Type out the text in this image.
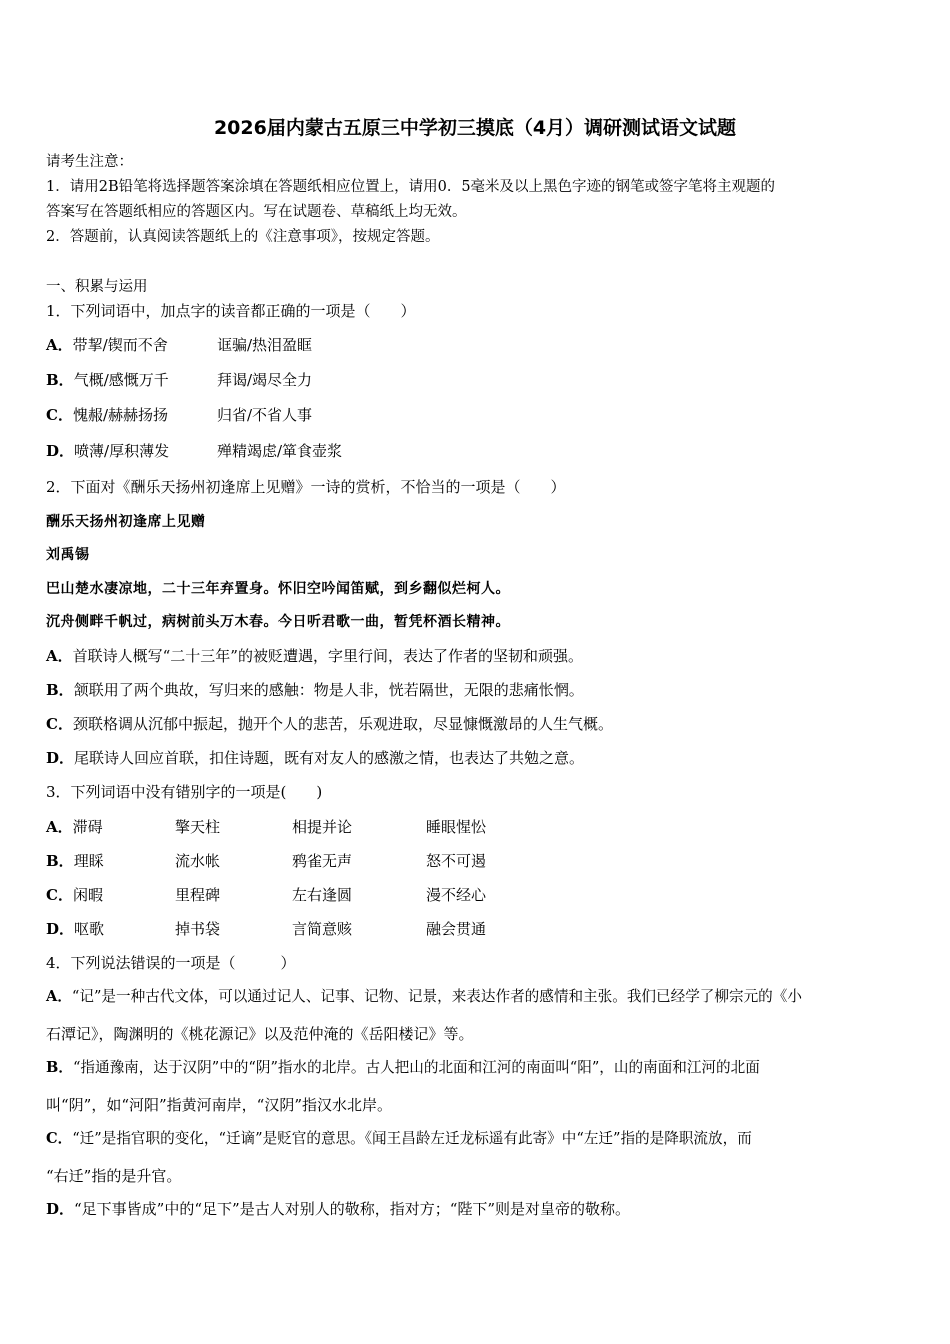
2026届内蒙古五原三中学初三摸底（4月）调研测试语文试题
请考生注意：
1．请用2B铅笔将选择题答案涂填在答题纸相应位置上，请用0．5毫米及以上黑色字迹的钢笔或签字笔将主观题的
答案写在答题纸相应的答题区内。写在试题卷、草稿纸上均无效。
2．答题前，认真阅读答题纸上的《注意事项》，按规定答题。
一、积累与运用
1．下列词语中，加点字的读音都正确的一项是（　　）
A．带挈/锲而不舍	诓骗/热泪盈眶
B．气概/感慨万千	拜谒/竭尽全力
C．愧赧/赫赫扬扬	归省/不省人事
D．喷薄/厚积薄发	殚精竭虑/箪食壶浆
2．下面对《酬乐天扬州初逢席上见赠》一诗的赏析，不恰当的一项是（　　）
酬乐天扬州初逢席上见赠
刘禹锡
巴山楚水凄凉地，二十三年弃置身。怀旧空吟闻笛赋，到乡翻似烂柯人。
沉舟侧畔千帆过，病树前头万木春。今日听君歌一曲，暂凭杯酒长精神。
A．首联诗人概写“二十三年”的被贬遭遇，字里行间，表达了作者的坚韧和顽强。
B．颔联用了两个典故，写归来的感触：物是人非，恍若隔世，无限的悲痛怅惘。
C．颈联格调从沉郁中振起，抛开个人的悲苦，乐观进取，尽显慷慨激昂的人生气概。
D．尾联诗人回应首联，扣住诗题，既有对友人的感激之情，也表达了共勉之意。
3．下列词语中没有错别字的一项是(　　)
A．滞碍	擎天柱	相提并论	睡眼惺忪
B．理睬	流水帐	鸦雀无声	怒不可遏
C．闲暇	里程碑	左右逢圆	漫不经心
D．呕歌	掉书袋	言简意赅	融会贯通
4．下列说法错误的一项是（　　　）
A．“记”是一种古代文体，可以通过记人、记事、记物、记景，来表达作者的感情和主张。我们已经学了柳宗元的《小
石潭记》，陶渊明的《桃花源记》以及范仲淹的《岳阳楼记》等。
B．“指通豫南，达于汉阴”中的“阴”指水的北岸。古人把山的北面和江河的南面叫“阳”，山的南面和江河的北面
叫“阴”，如“河阳”指黄河南岸，“汉阴”指汉水北岸。
C．“迁”是指官职的变化，“迁谪”是贬官的意思。《闻王昌龄左迁龙标遥有此寄》中“左迁”指的是降职流放，而
“右迁”指的是升官。
D．“足下事皆成”中的“足下”是古人对别人的敬称，指对方；“陛下”则是对皇帝的敬称。
